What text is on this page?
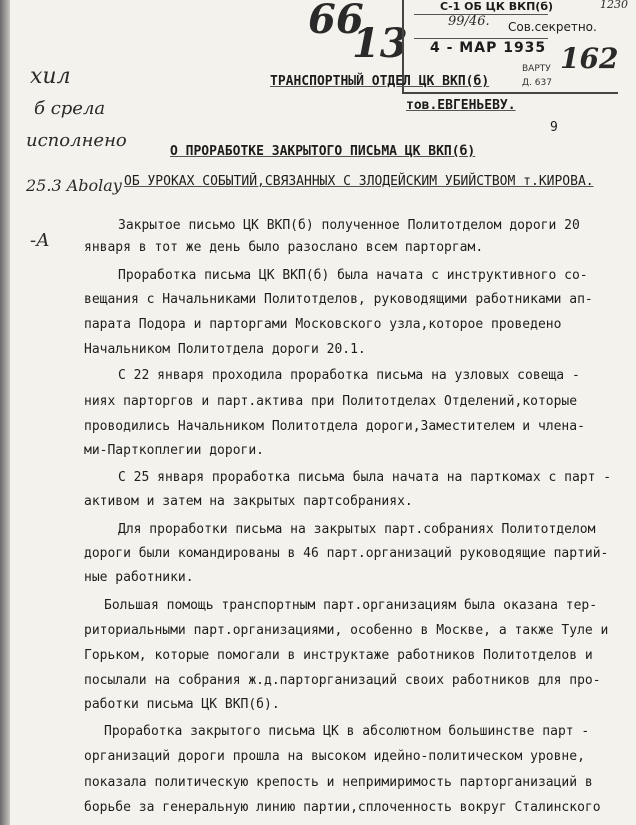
66
13
1230
С-1 ОБ ЦК ВКП(б)
99/46. Сов.секретно.
4 - МАР 1935
ВАРТУ
Д. 637
162
хил
б срела
исполнено
25.3 Abolay
-А
ТРАНСПОРТНЫЙ ОТДЕЛ ЦК ВКП(б)
тов.ЕВГЕНЬЕВУ.
9
О ПРОРАБОТКЕ ЗАКРЫТОГО ПИСЬМА ЦК ВКП(б)
ОБ УРОКАХ СОБЫТИЙ,СВЯЗАННЫХ С ЗЛОДЕЙСКИМ УБИЙСТВОМ т.КИРОВА.
Закрытое письмо ЦК ВКП(б) полученное Политотделом дороги 20
января в тот же день было разослано всем парторгам.
Проработка письма ЦК ВКП(б) была начата с инструктивного со-
вещания с Начальниками Политотделов, руководящими работниками ап-
парата Подора и парторгами Московского узла,которое проведено
Начальником Политотдела дороги 20.1.
С 22 января проходила проработка письма на узловых совеща -
ниях парторгов и парт.актива при Политотделах Отделений,которые
проводились Начальником Политотдела дороги,Заместителем и члена-
ми-Парткоплегии дороги.
С 25 января проработка письма была начата на парткомах с парт -
активом и затем на закрытых партсобраниях.
Для проработки письма на закрытых парт.собраниях Политотделом
дороги были командированы в 46 парт.организаций руководящие партий-
ные работники.
Большая помощь транспортным парт.организациям была оказана тер-
риториальными парт.организациями, особенно в Москве, а также Туле и
Горьком, которые помогали в инструктаже работников Политотделов и
посылали на собрания ж.д.парторганизаций своих работников для про-
работки письма ЦК ВКП(б).
Проработка закрытого письма ЦК в абсолютном большинстве парт -
организаций дороги прошла на высоком идейно-политическом уровне,
показала политическую крепость и непримиримость парторганизаций в
борьбе за генеральную линию партии,сплоченность вокруг Сталинского
